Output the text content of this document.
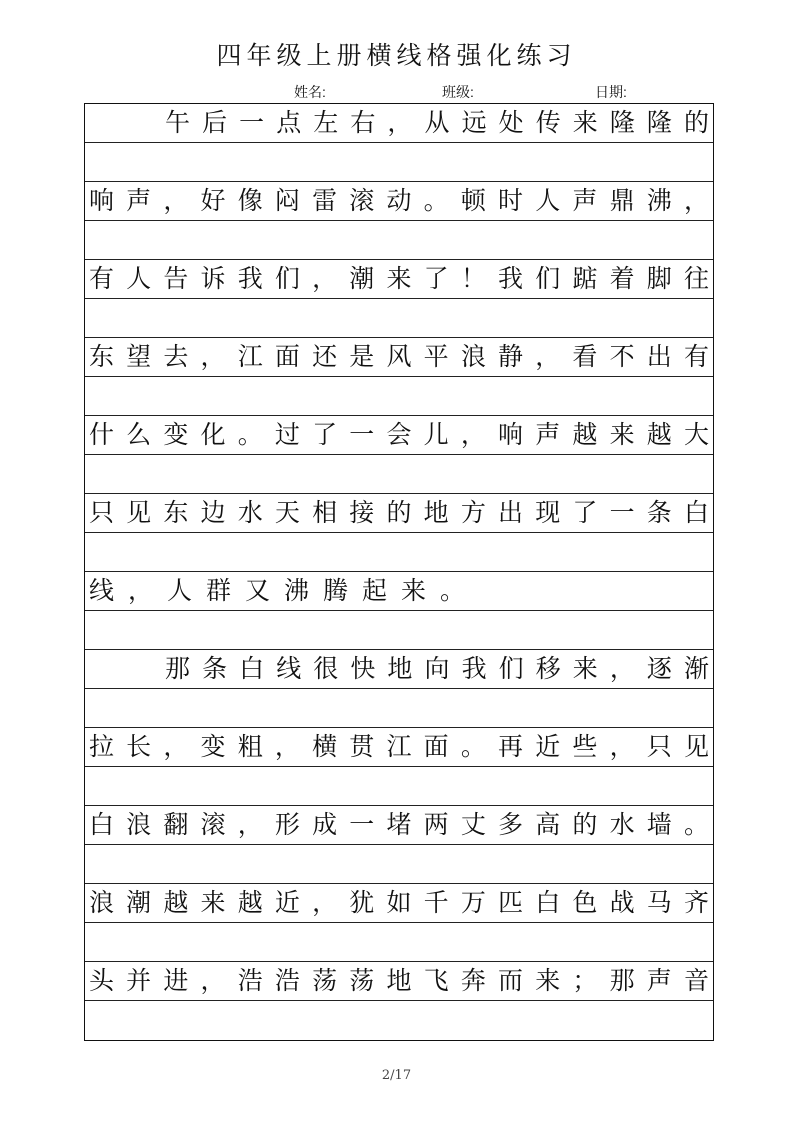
四年级上册横线格强化练习
姓名:	班级:	日期:
午后一点左右，从远处传来隆隆的
响声，好像闷雷滚动。顿时人声鼎沸，
有人告诉我们，潮来了！我们踮着脚往
东望去，江面还是风平浪静，看不出有
什么变化。过了一会儿，响声越来越大
只见东边水天相接的地方出现了一条白
线，人群又沸腾起来。
那条白线很快地向我们移来，逐渐
拉长，变粗，横贯江面。再近些，只见
白浪翻滚，形成一堵两丈多高的水墙。
浪潮越来越近，犹如千万匹白色战马齐
头并进，浩浩荡荡地飞奔而来；那声音
2/17
